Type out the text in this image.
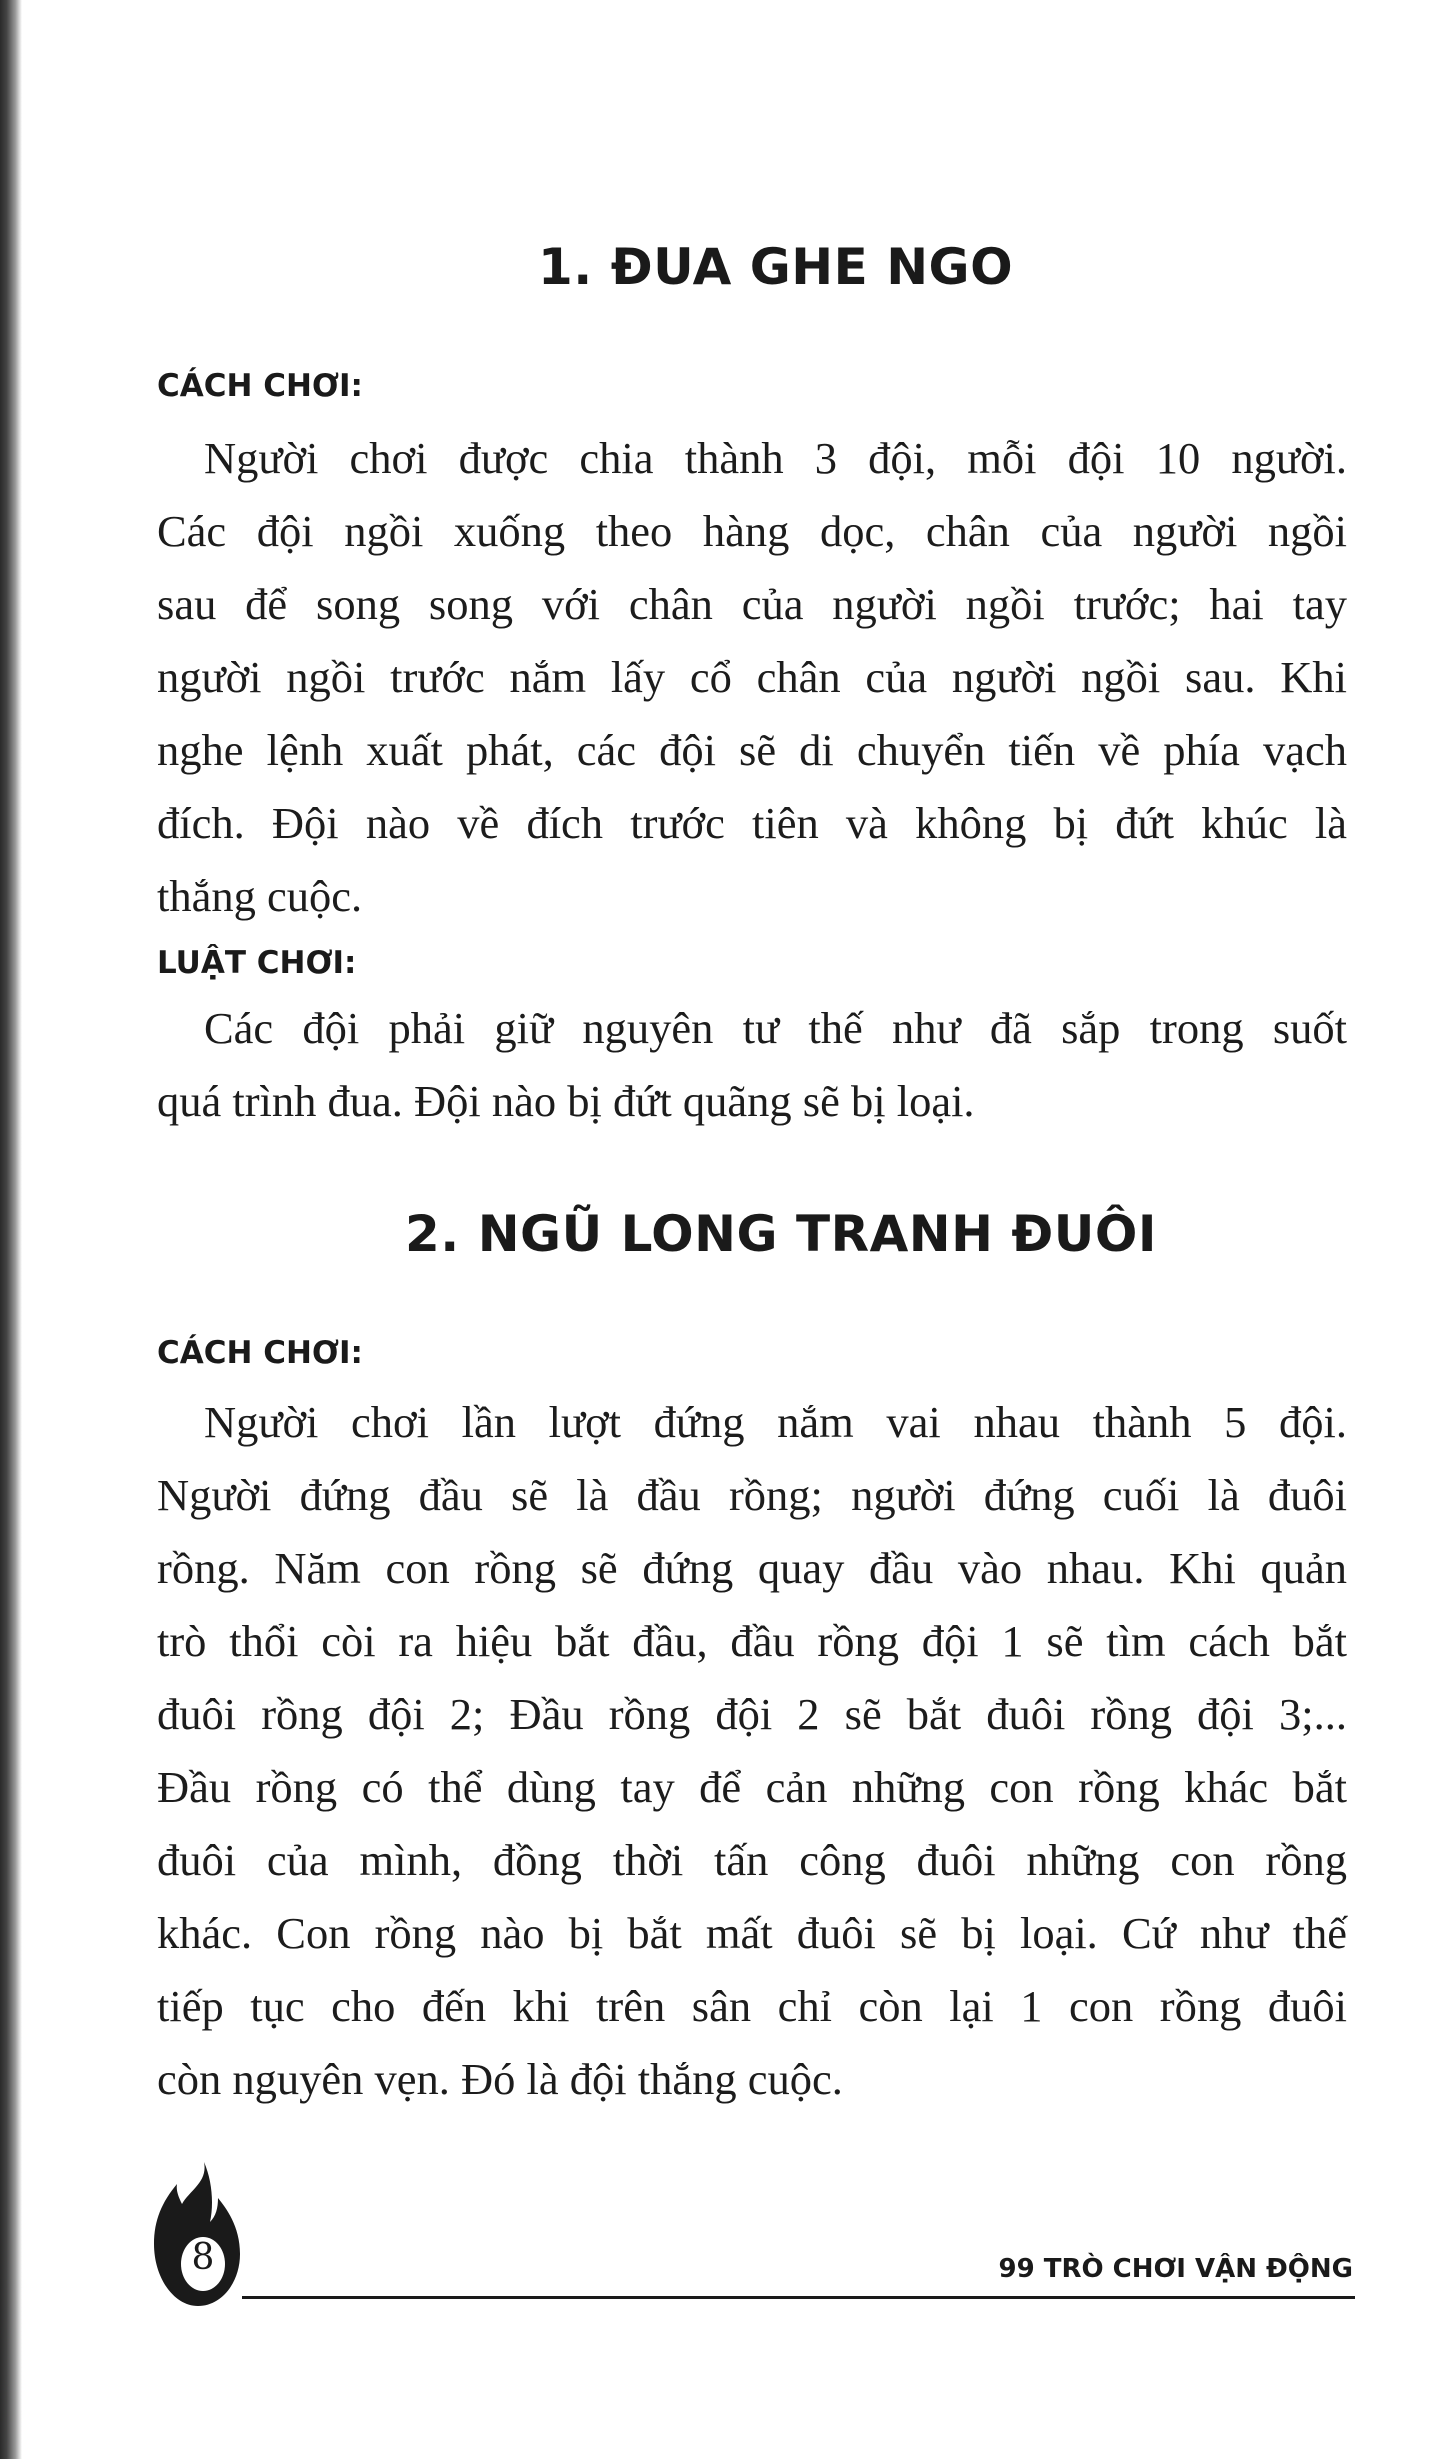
1. ĐUA GHE NGO
CÁCH CHƠI:
Người chơi được chia thành 3 đội, mỗi đội 10 người.
Các đội ngồi xuống theo hàng dọc, chân của người ngồi
sau để song song với chân của người ngồi trước; hai tay
người ngồi trước nắm lấy cổ chân của người ngồi sau. Khi
nghe lệnh xuất phát, các đội sẽ di chuyển tiến về phía vạch
đích. Đội nào về đích trước tiên và không bị đứt khúc là
thắng cuộc.
LUẬT CHƠI:
Các đội phải giữ nguyên tư thế như đã sắp trong suốt
quá trình đua. Đội nào bị đứt quãng sẽ bị loại.
2. NGŨ LONG TRANH ĐUÔI
CÁCH CHƠI:
Người chơi lần lượt đứng nắm vai nhau thành 5 đội.
Người đứng đầu sẽ là đầu rồng; người đứng cuối là đuôi
rồng. Năm con rồng sẽ đứng quay đầu vào nhau. Khi quản
trò thổi còi ra hiệu bắt đầu, đầu rồng đội 1 sẽ tìm cách bắt
đuôi rồng đội 2; Đầu rồng đội 2 sẽ bắt đuôi rồng đội 3;...
Đầu rồng có thể dùng tay để cản những con rồng khác bắt
đuôi của mình, đồng thời tấn công đuôi những con rồng
khác. Con rồng nào bị bắt mất đuôi sẽ bị loại. Cứ như thế
tiếp tục cho đến khi trên sân chỉ còn lại 1 con rồng đuôi
còn nguyên vẹn. Đó là đội thắng cuộc.
8	99 TRÒ CHƠI VẬN ĐỘNG
